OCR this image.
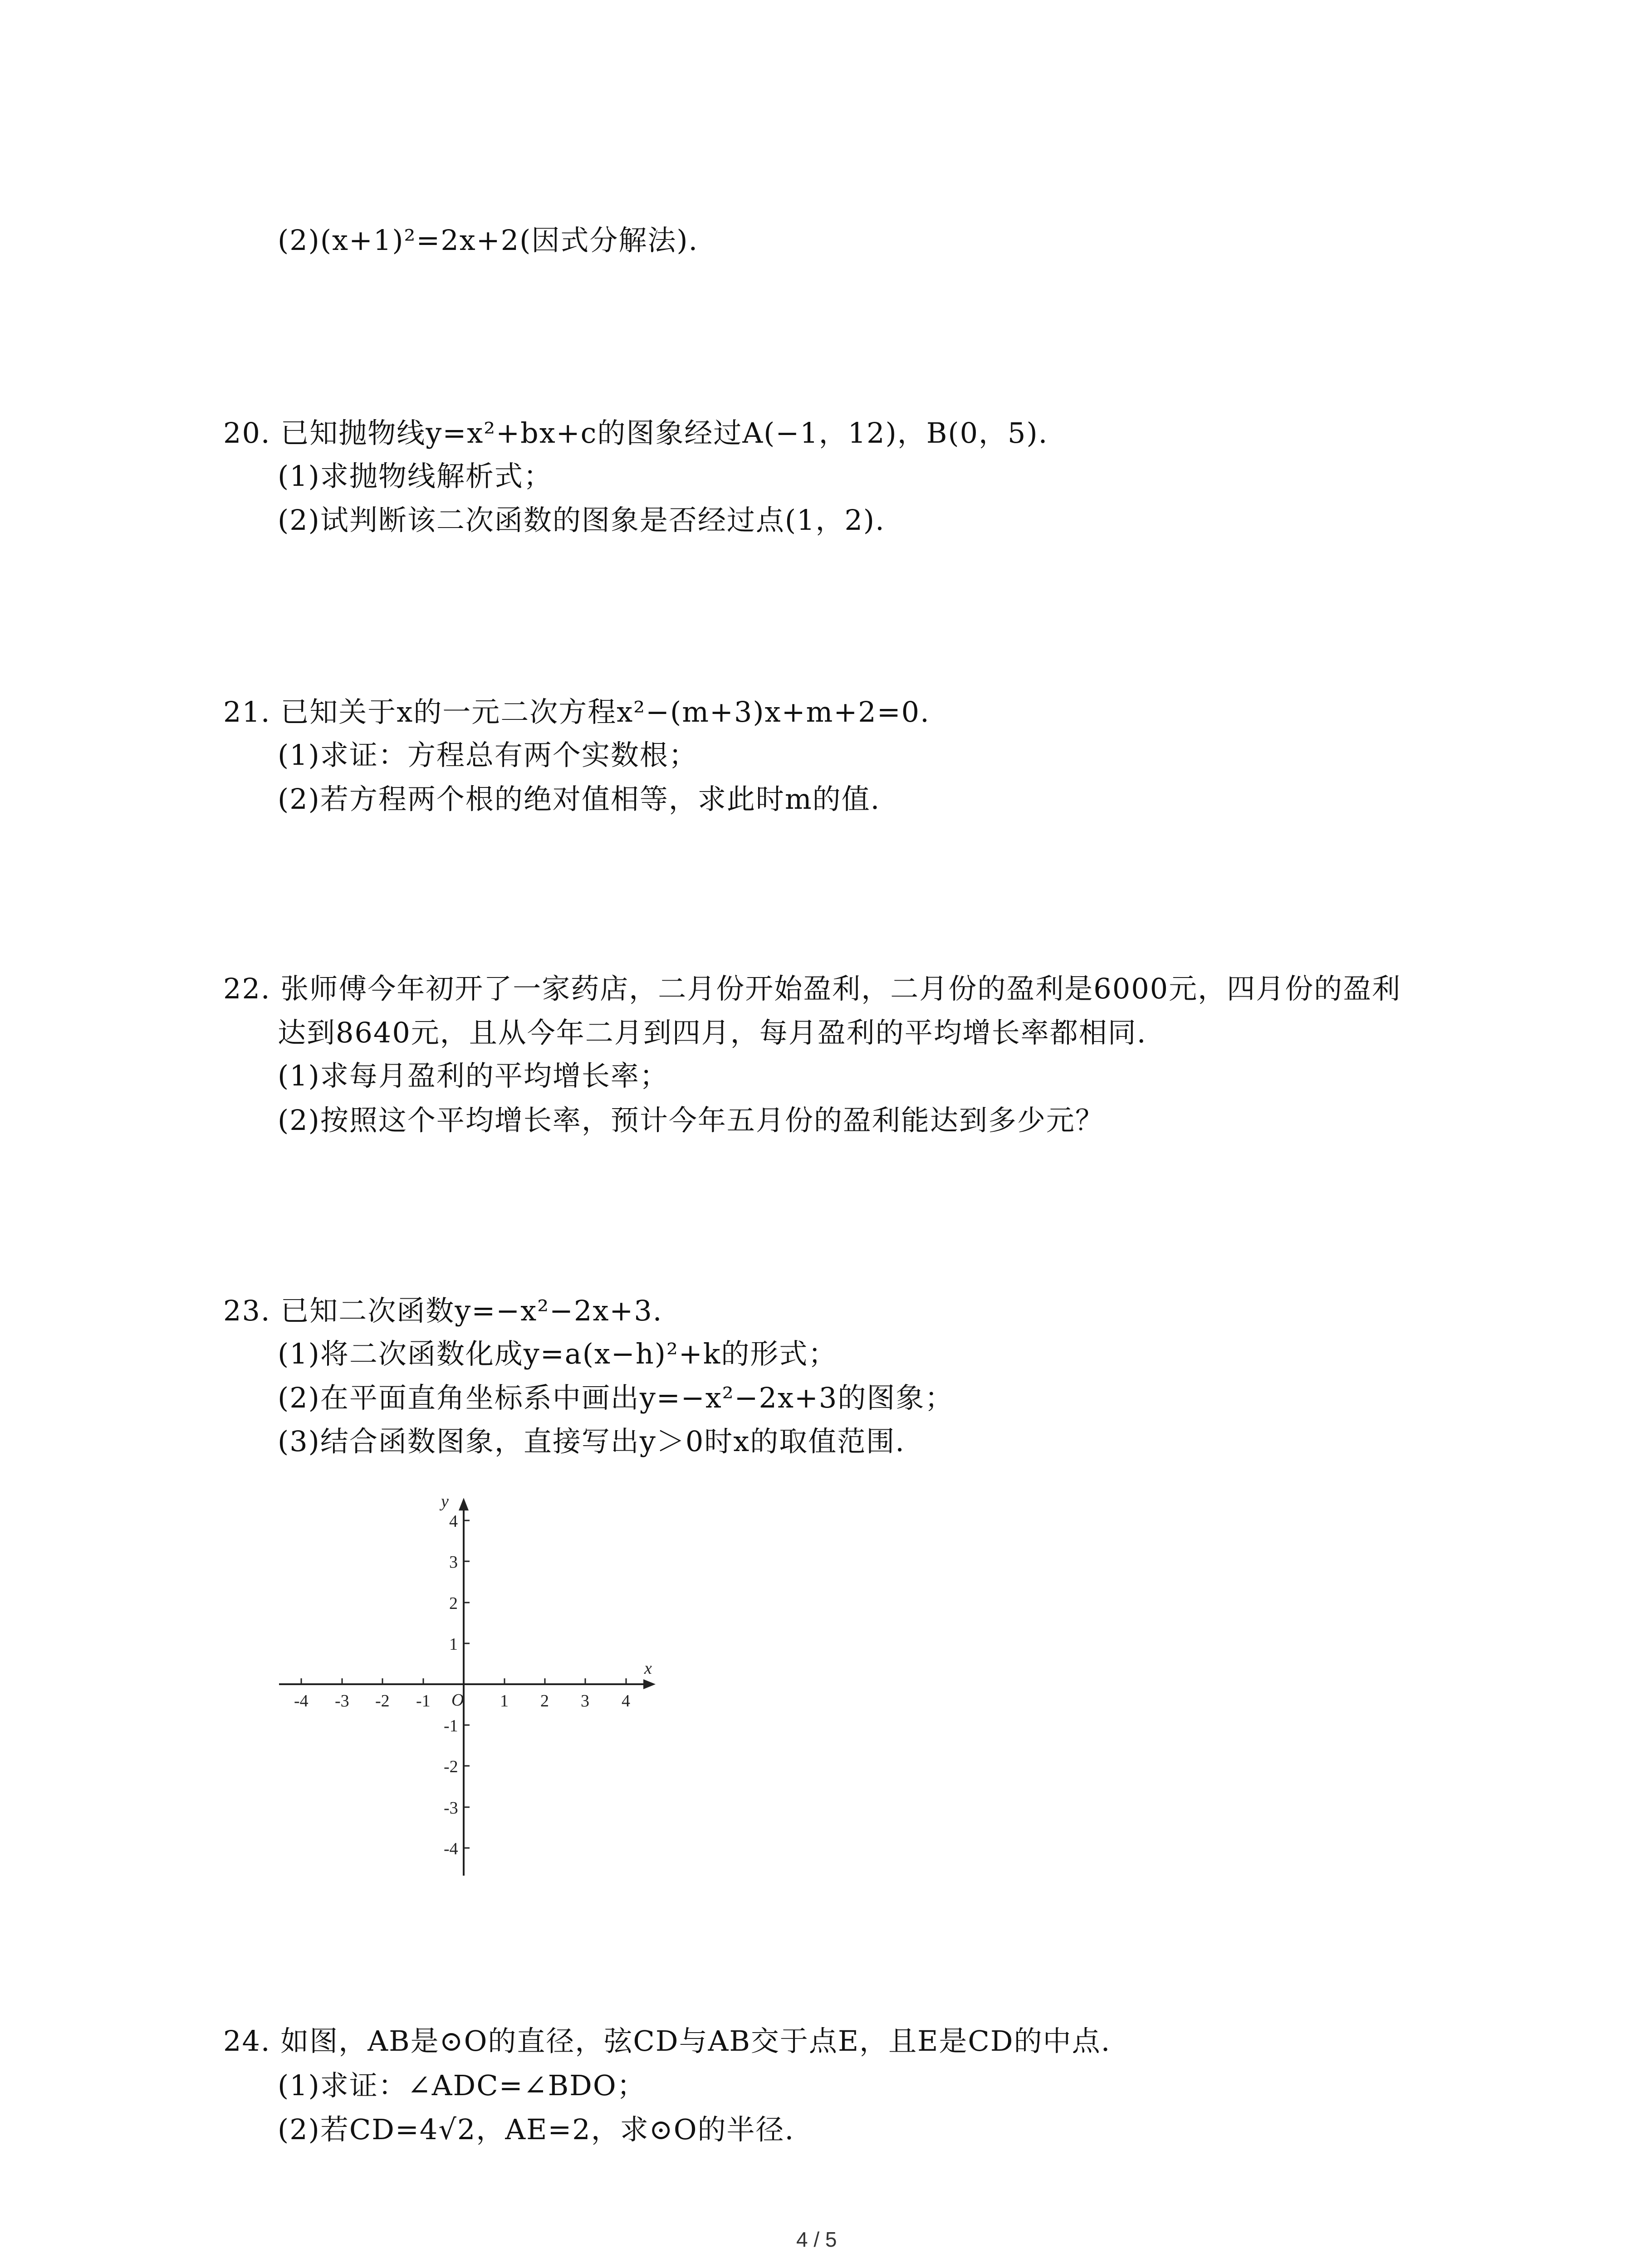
(2)(x+1)²=2x+2(因式分解法).
20. 已知抛物线y=x²+bx+c的图象经过A(−1，12)，B(0，5).
(1)求抛物线解析式；
(2)试判断该二次函数的图象是否经过点(1，2).
21. 已知关于x的一元二次方程x²−(m+3)x+m+2=0.
(1)求证：方程总有两个实数根；
(2)若方程两个根的绝对值相等，求此时m的值.
22. 张师傅今年初开了一家药店，二月份开始盈利，二月份的盈利是6000元，四月份的盈利
达到8640元，且从今年二月到四月，每月盈利的平均增长率都相同.
(1)求每月盈利的平均增长率；
(2)按照这个平均增长率，预计今年五月份的盈利能达到多少元？
23. 已知二次函数y=−x²−2x+3.
(1)将二次函数化成y=a(x−h)²+k的形式；
(2)在平面直角坐标系中画出y=−x²−2x+3的图象；
(3)结合函数图象，直接写出y＞0时x的取值范围.
-4 -3 -2 -1	1 2 3 4
4
3
2
1
-1
-2
-3
-4
O
x
y
24. 如图，AB是⊙O的直径，弦CD与AB交于点E，且E是CD的中点.
(1)求证：∠ADC=∠BDO；
(2)若CD=4√2，AE=2，求⊙O的半径.
4 / 5
